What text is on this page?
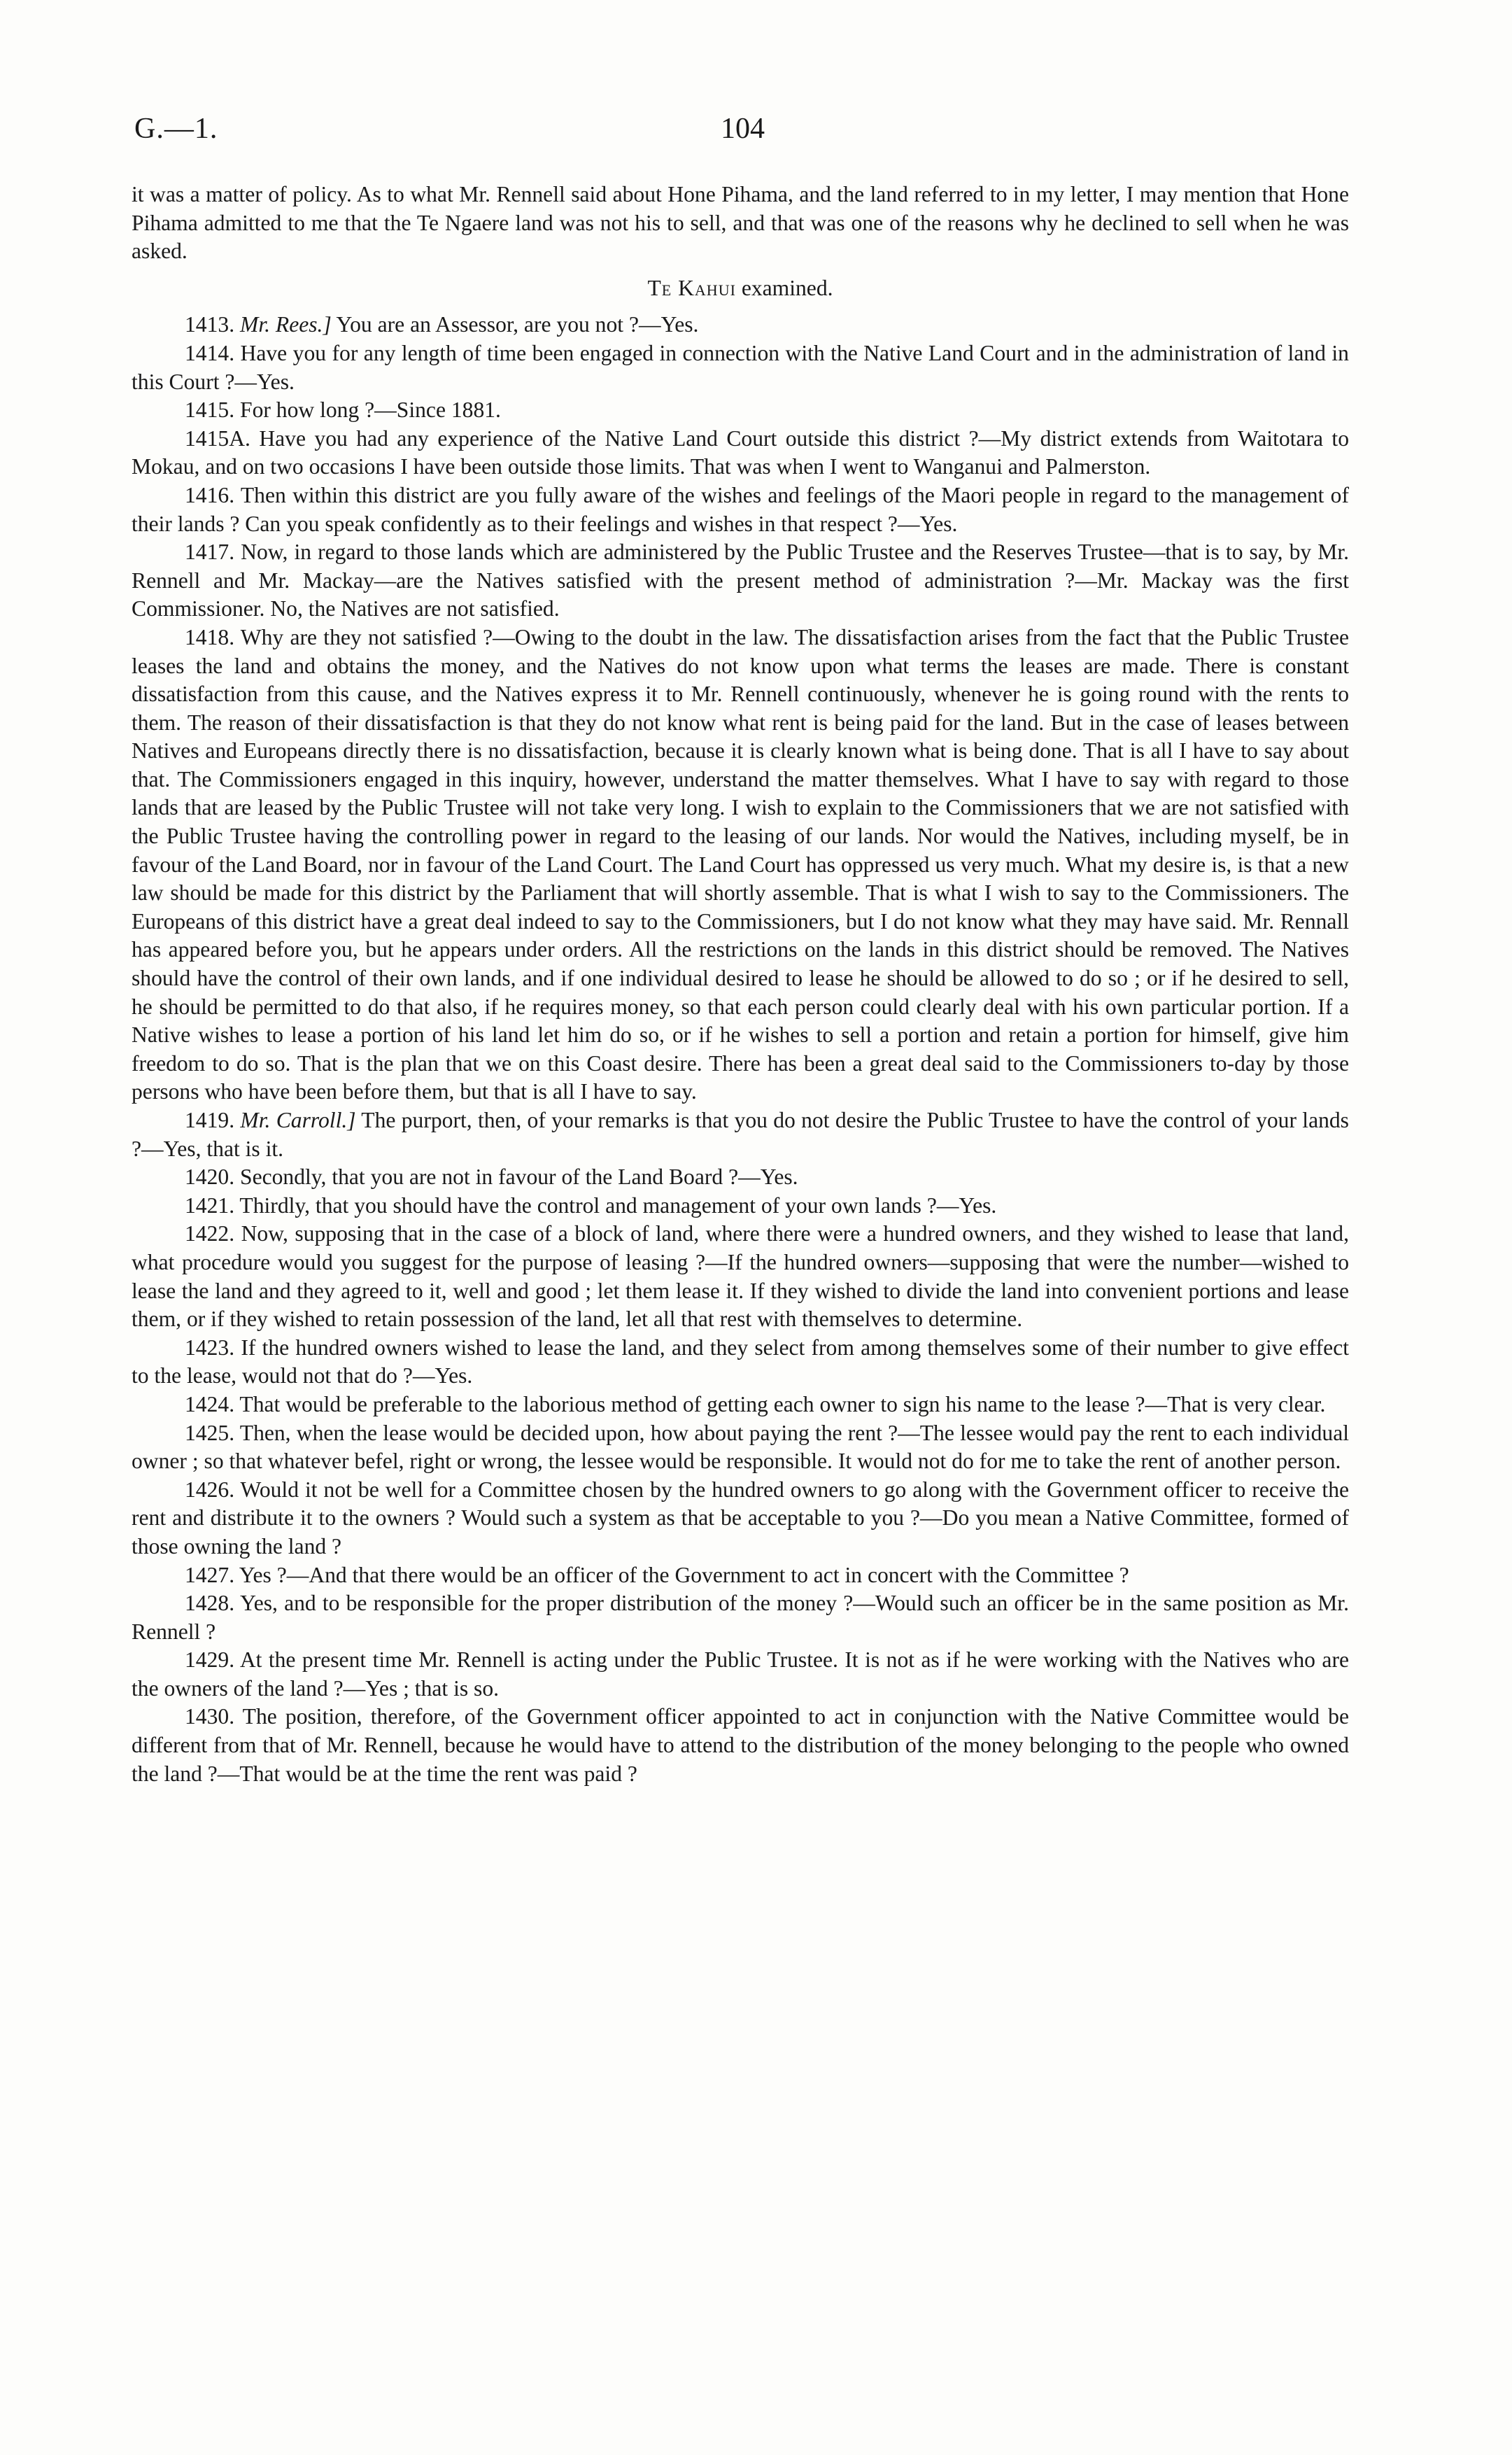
G.—1.	104

it was a matter of policy. As to what Mr. Rennell said about Hone Pihama, and the land referred to in my letter, I may mention that Hone Pihama admitted to me that the Te Ngaere land was not his to sell, and that was one of the reasons why he declined to sell when he was asked.

Te Kahui examined.

1413. Mr. Rees.] You are an Assessor, are you not ?—Yes.

1414. Have you for any length of time been engaged in connection with the Native Land Court and in the administration of land in this Court ?—Yes.

1415. For how long ?—Since 1881.

1415A. Have you had any experience of the Native Land Court outside this district ?—My district extends from Waitotara to Mokau, and on two occasions I have been outside those limits. That was when I went to Wanganui and Palmerston.

1416. Then within this district are you fully aware of the wishes and feelings of the Maori people in regard to the management of their lands ? Can you speak confidently as to their feelings and wishes in that respect ?—Yes.

1417. Now, in regard to those lands which are administered by the Public Trustee and the Reserves Trustee—that is to say, by Mr. Rennell and Mr. Mackay—are the Natives satisfied with the present method of administration ?—Mr. Mackay was the first Commissioner. No, the Natives are not satisfied.

1418. Why are they not satisfied ?—Owing to the doubt in the law. The dissatisfaction arises from the fact that the Public Trustee leases the land and obtains the money, and the Natives do not know upon what terms the leases are made. There is constant dissatisfaction from this cause, and the Natives express it to Mr. Rennell continuously, whenever he is going round with the rents to them. The reason of their dissatisfaction is that they do not know what rent is being paid for the land. But in the case of leases between Natives and Europeans directly there is no dissatisfaction, because it is clearly known what is being done. That is all I have to say about that. The Commissioners engaged in this inquiry, however, understand the matter themselves. What I have to say with regard to those lands that are leased by the Public Trustee will not take very long. I wish to explain to the Commissioners that we are not satisfied with the Public Trustee having the controlling power in regard to the leasing of our lands. Nor would the Natives, including myself, be in favour of the Land Board, nor in favour of the Land Court. The Land Court has oppressed us very much. What my desire is, is that a new law should be made for this district by the Parliament that will shortly assemble. That is what I wish to say to the Commissioners. The Europeans of this district have a great deal indeed to say to the Commissioners, but I do not know what they may have said. Mr. Rennall has appeared before you, but he appears under orders. All the restrictions on the lands in this district should be removed. The Natives should have the control of their own lands, and if one individual desired to lease he should be allowed to do so ; or if he desired to sell, he should be permitted to do that also, if he requires money, so that each person could clearly deal with his own particular portion. If a Native wishes to lease a portion of his land let him do so, or if he wishes to sell a portion and retain a portion for himself, give him freedom to do so. That is the plan that we on this Coast desire. There has been a great deal said to the Commissioners to-day by those persons who have been before them, but that is all I have to say.

1419. Mr. Carroll.] The purport, then, of your remarks is that you do not desire the Public Trustee to have the control of your lands ?—Yes, that is it.

1420. Secondly, that you are not in favour of the Land Board ?—Yes.

1421. Thirdly, that you should have the control and management of your own lands ?—Yes.

1422. Now, supposing that in the case of a block of land, where there were a hundred owners, and they wished to lease that land, what procedure would you suggest for the purpose of leasing ?—If the hundred owners—supposing that were the number—wished to lease the land and they agreed to it, well and good ; let them lease it. If they wished to divide the land into convenient portions and lease them, or if they wished to retain possession of the land, let all that rest with themselves to determine.

1423. If the hundred owners wished to lease the land, and they select from among themselves some of their number to give effect to the lease, would not that do ?—Yes.

1424. That would be preferable to the laborious method of getting each owner to sign his name to the lease ?—That is very clear.

1425. Then, when the lease would be decided upon, how about paying the rent ?—The lessee would pay the rent to each individual owner ; so that whatever befel, right or wrong, the lessee would be responsible. It would not do for me to take the rent of another person.

1426. Would it not be well for a Committee chosen by the hundred owners to go along with the Government officer to receive the rent and distribute it to the owners ? Would such a system as that be acceptable to you ?—Do you mean a Native Committee, formed of those owning the land ?

1427. Yes ?—And that there would be an officer of the Government to act in concert with the Committee ?

1428. Yes, and to be responsible for the proper distribution of the money ?—Would such an officer be in the same position as Mr. Rennell ?

1429. At the present time Mr. Rennell is acting under the Public Trustee. It is not as if he were working with the Natives who are the owners of the land ?—Yes ; that is so.

1430. The position, therefore, of the Government officer appointed to act in conjunction with the Native Committee would be different from that of Mr. Rennell, because he would have to attend to the distribution of the money belonging to the people who owned the land ?—That would be at the time the rent was paid ?
